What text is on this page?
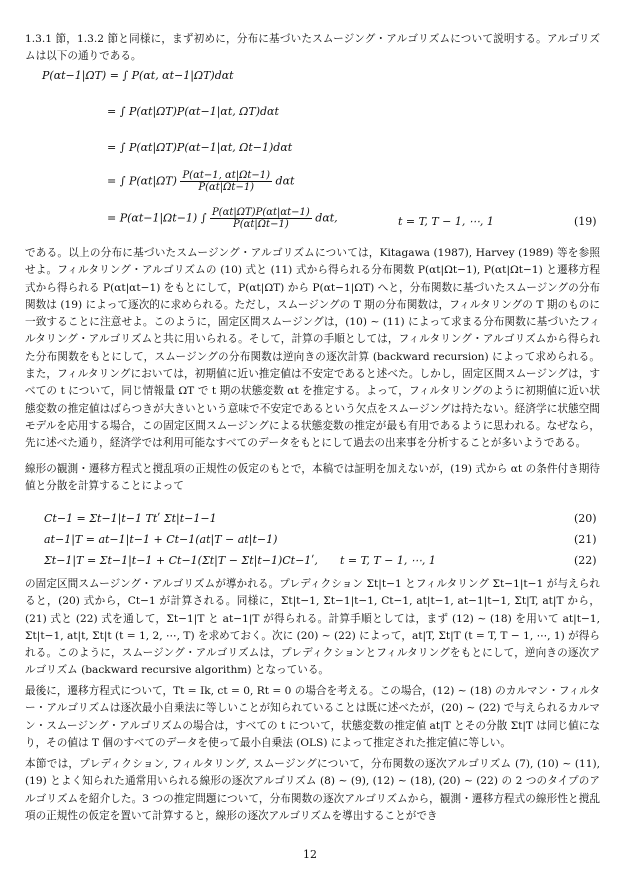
1.3.1 節，1.3.2 節と同様に，まず初めに，分布に基づいたスムージング・アルゴリズムについて説明する。アルゴリズムは以下の通りである。
P(αt−1|ΩT) = ∫ P(αt, αt−1|ΩT)dαt
= ∫ P(αt|ΩT)P(αt−1|αt, ΩT)dαt
= ∫ P(αt|ΩT)P(αt−1|αt, Ωt−1)dαt
= ∫ $P(\alpha t|\Omega T) \frac{P(\alpha t-1, \alpha t|\Omega t-1)}{P(\alpha t|\Omega t-1)}$ dαt
= P(αt−1|Ωt−1) ∫ $\frac{P(\alpha t|\Omega T)P(\alpha t|\alpha t-1)}{P(\alpha t|\Omega t-1)} d\alpha t$,	t = T, T − 1, ⋯, 1	(19)
である。以上の分布に基づいたスムージング・アルゴリズムについては，Kitagawa (1987), Harvey (1989) 等を参照せよ。フィルタリング・アルゴリズムの (10) 式と (11) 式から得られる分布関数 P(αt|Ωt−1), P(αt|Ωt−1) と遷移方程式から得られる P(αt|αt−1) をもとにして，P(αt|ΩT) から P(αt−1|ΩT) へと，分布関数に基づいたスムージングの分布関数は (19) によって逐次的に求められる。ただし，スムージングの T 期の分布関数は，フィルタリングの T 期のものに一致することに注意せよ。このように，固定区間スムージングは，(10) ∼ (11) によって求まる分布関数に基づいたフィルタリング・アルゴリズムと共に用いられる。そして，計算の手順としては，フィルタリング・アルゴリズムから得られた分布関数をもとにして，スムージングの分布関数は逆向きの逐次計算 (backward recursion) によって求められる。また，フィルタリングにおいては，初期値に近い推定値は不安定であると述べた。しかし，固定区間スムージングは，すべての t について，同じ情報量 ΩT で t 期の状態変数 αt を推定する。よって，フィルタリングのように初期値に近い状態変数の推定値はばらつきが大きいという意味で不安定であるという欠点をスムージングは持たない。経済学に状態空間モデルを応用する場合，この固定区間スムージングによる状態変数の推定が最も有用であるように思われる。なぜなら，先に述べた通り，経済学では利用可能なすべてのデータをもとにして過去の出来事を分析することが多いようである。
線形の観測・遷移方程式と撹乱項の正規性の仮定のもとで，本稿では証明を加えないが，(19) 式から αt の条件付き期待値と分散を計算することによって
Ct−1 = Σt−1|t−1 Ttʹ Σt|t−1−1	(20)
at−1|T = at−1|t−1 + Ct−1(at|T − at|t−1)	(21)
Σt−1|T = Σt−1|t−1 + Ct−1(Σt|T − Σt|t−1)Ct−1ʹ, t = T, T − 1, ⋯, 1	(22)
の固定区間スムージング・アルゴリズムが導かれる。プレディクション Σt|t−1 とフィルタリング Σt−1|t−1 が与えられると，(20) 式から，Ct−1 が計算される。同様に，Σt|t−1, Σt−1|t−1, Ct−1, at|t−1, at−1|t−1, Σt|T, at|T から，(21) 式と (22) 式を通して，Σt−1|T と at−1|T が得られる。計算手順としては，まず (12) ∼ (18) を用いて at|t−1, Σt|t−1, at|t, Σt|t (t = 1, 2, ⋯, T) を求めておく。次に (20) ∼ (22) によって，at|T, Σt|T (t = T, T − 1, ⋯, 1) が得られる。このように，スムージング・アルゴリズムは，プレディクションとフィルタリングをもとにして，逆向きの逐次アルゴリズム (backward recursive algorithm) となっている。
最後に，遷移方程式について，Tt = Ik, ct = 0, Rt = 0 の場合を考える。この場合，(12) ∼ (18) のカルマン・フィルター・アルゴリズムは逐次最小自乗法に等しいことが知られていることは既に述べたが，(20) ∼ (22) で与えられるカルマン・スムージング・アルゴリズムの場合は，すべての t について，状態変数の推定値 at|T とその分散 Σt|T は同じ値になり，その値は T 個のすべてのデータを使って最小自乗法 (OLS) によって推定された推定値に等しい。
本節では，プレディクション, フィルタリング, スムージングについて，分布関数の逐次アルゴリズム (7), (10) ∼ (11), (19) とよく知られた通常用いられる線形の逐次アルゴリズム (8) ∼ (9), (12) ∼ (18), (20) ∼ (22) の 2 つのタイプのアルゴリズムを紹介した。3 つの推定問題について，分布関数の逐次アルゴリズムから，観測・遷移方程式の線形性と撹乱項の正規性の仮定を置いて計算すると，線形の逐次アルゴリズムを導出することができ
12
